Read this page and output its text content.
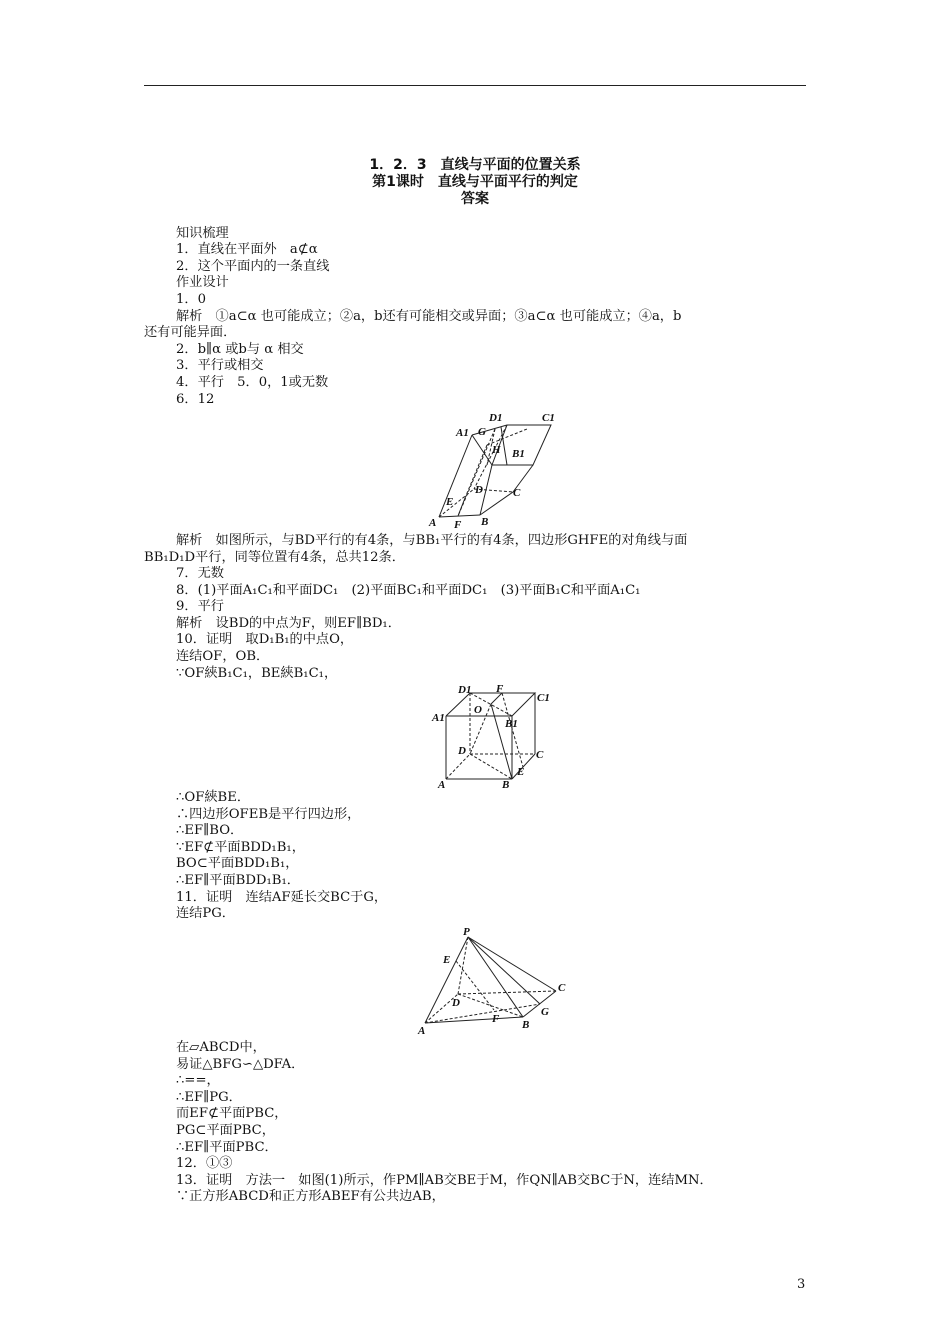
1．2．3　直线与平面的位置关系
第1课时　直线与平面平行的判定
答案
知识梳理
1．直线在平面外　a⊄α
2．这个平面内的一条直线
作业设计
1．0
解析　①a⊂α 也可能成立；②a，b还有可能相交或异面；③a⊂α 也可能成立；④a，b
还有可能异面．
2．b∥α 或b与 α 相交
3．平行或相交
4．平行　5．0，1或无数
6．12
D1	C1
A1 G
B1
H
D	C
E
A F B
解析　如图所示，与BD平行的有4条，与BB₁平行的有4条，四边形GHFE的对角线与面
BB₁D₁D平行，同等位置有4条，总共12条．
7．无数
8．(1)平面A₁C₁和平面DC₁　(2)平面BC₁和平面DC₁　(3)平面B₁C和平面A₁C₁
9．平行
解析　设BD的中点为F，则EF∥BD₁．
10．证明　取D₁B₁的中点O，
连结OF，OB．
∵OF綊B₁C₁，BE綊B₁C₁，
D1 F
C1
A1
O
B1
D	C
E
A	B
∴OF綊BE．
∴四边形OFEB是平行四边形，
∴EF∥BO．
∵EF⊄平面BDD₁B₁，
BO⊂平面BDD₁B₁，
∴EF∥平面BDD₁B₁．
11．证明　连结AF延长交BC于G，
连结PG．
P
E
C
D
G
F
A	B
在▱ABCD中，
易证△BFG∽△DFA．
∴==，
∴EF∥PG．
而EF⊄平面PBC，
PG⊂平面PBC，
∴EF∥平面PBC．
12．①③
13．证明　方法一　如图(1)所示，作PM∥AB交BE于M，作QN∥AB交BC于N，连结MN．
∵正方形ABCD和正方形ABEF有公共边AB，
3
